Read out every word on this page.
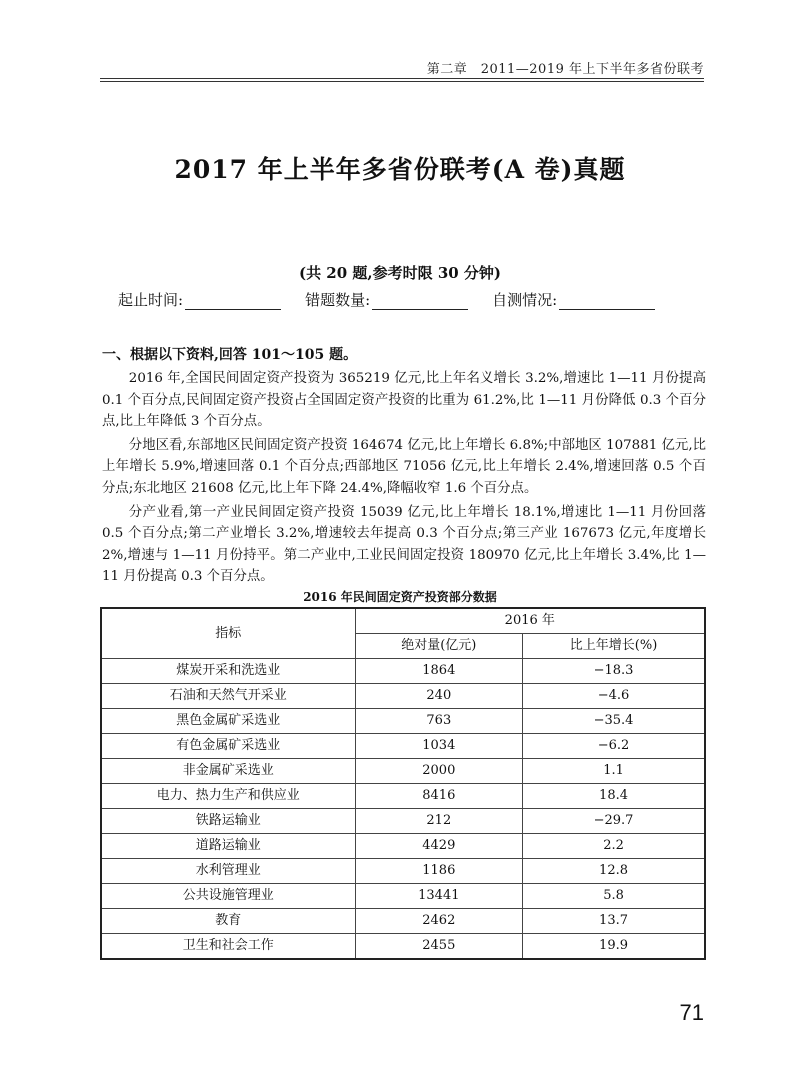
第二章　2011—2019 年上下半年多省份联考
2017 年上半年多省份联考(A 卷)真题
(共 20 题,参考时限 30 分钟)
起止时间:	错题数量:	自测情况:
一、根据以下资料,回答 101～105 题。

2016 年,全国民间固定资产投资为 365219 亿元,比上年名义增长 3.2%,增速比 1—11 月份提高 0.1 个百分点,民间固定资产投资占全国固定资产投资的比重为 61.2%,比 1—11 月份降低 0.3 个百分点,比上年降低 3 个百分点。

分地区看,东部地区民间固定资产投资 164674 亿元,比上年增长 6.8%;中部地区 107881 亿元,比上年增长 5.9%,增速回落 0.1 个百分点;西部地区 71056 亿元,比上年增长 2.4%,增速回落 0.5 个百分点;东北地区 21608 亿元,比上年下降 24.4%,降幅收窄 1.6 个百分点。

分产业看,第一产业民间固定资产投资 15039 亿元,比上年增长 18.1%,增速比 1—11 月份回落 0.5 个百分点;第二产业增长 3.2%,增速较去年提高 0.3 个百分点;第三产业 167673 亿元,年度增长 2%,增速与 1—11 月份持平。第二产业中,工业民间固定投资 180970 亿元,比上年增长 3.4%,比 1—11 月份提高 0.3 个百分点。

2016 年民间固定资产投资部分数据
指标	2016 年	
	绝对量(亿元)	比上年增长(%)
煤炭开采和洗选业	1864	−18.3
石油和天然气开采业	240	−4.6
黑色金属矿采选业	763	−35.4
有色金属矿采选业	1034	−6.2
非金属矿采选业	2000	1.1
电力、热力生产和供应业	8416	18.4
铁路运输业	212	−29.7
道路运输业	4429	2.2
水利管理业	1186	12.8
公共设施管理业	13441	5.8
教育	2462	13.7
卫生和社会工作	2455	19.9
71
